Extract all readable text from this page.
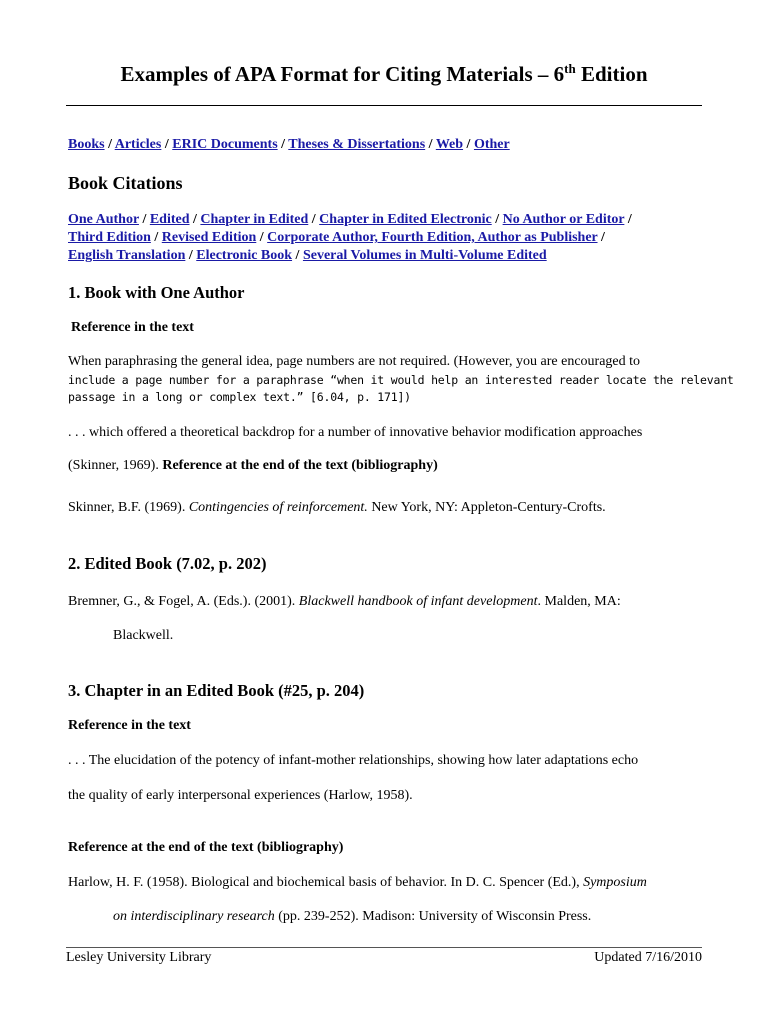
Examples of APA Format for Citing Materials – 6th Edition
Books / Articles / ERIC Documents / Theses & Dissertations / Web / Other
Book Citations
One Author / Edited / Chapter in Edited / Chapter in Edited Electronic / No Author or Editor /
Third Edition / Revised Edition / Corporate Author, Fourth Edition, Author as Publisher /
English Translation / Electronic Book / Several Volumes in Multi-Volume Edited
1. Book with One Author
Reference in the text
When paraphrasing the general idea, page numbers are not required. (However, you are encouraged to
include a page number for a paraphrase “when it would help an interested reader locate the relevant
passage in a long or complex text.” [6.04, p. 171])
. . . which offered a theoretical backdrop for a number of innovative behavior modification approaches
(Skinner, 1969). Reference at the end of the text (bibliography)
Skinner, B.F. (1969). Contingencies of reinforcement. New York, NY: Appleton-Century-Crofts.
2. Edited Book (7.02, p. 202)
Bremner, G., & Fogel, A. (Eds.). (2001). Blackwell handbook of infant development. Malden, MA:
Blackwell.
3. Chapter in an Edited Book (#25, p. 204)
Reference in the text
. . . The elucidation of the potency of infant-mother relationships, showing how later adaptations echo
the quality of early interpersonal experiences (Harlow, 1958).
Reference at the end of the text (bibliography)
Harlow, H. F. (1958). Biological and biochemical basis of behavior. In D. C. Spencer (Ed.), Symposium
on interdisciplinary research (pp. 239-252). Madison: University of Wisconsin Press.
Lesley University Library	Updated 7/16/2010
